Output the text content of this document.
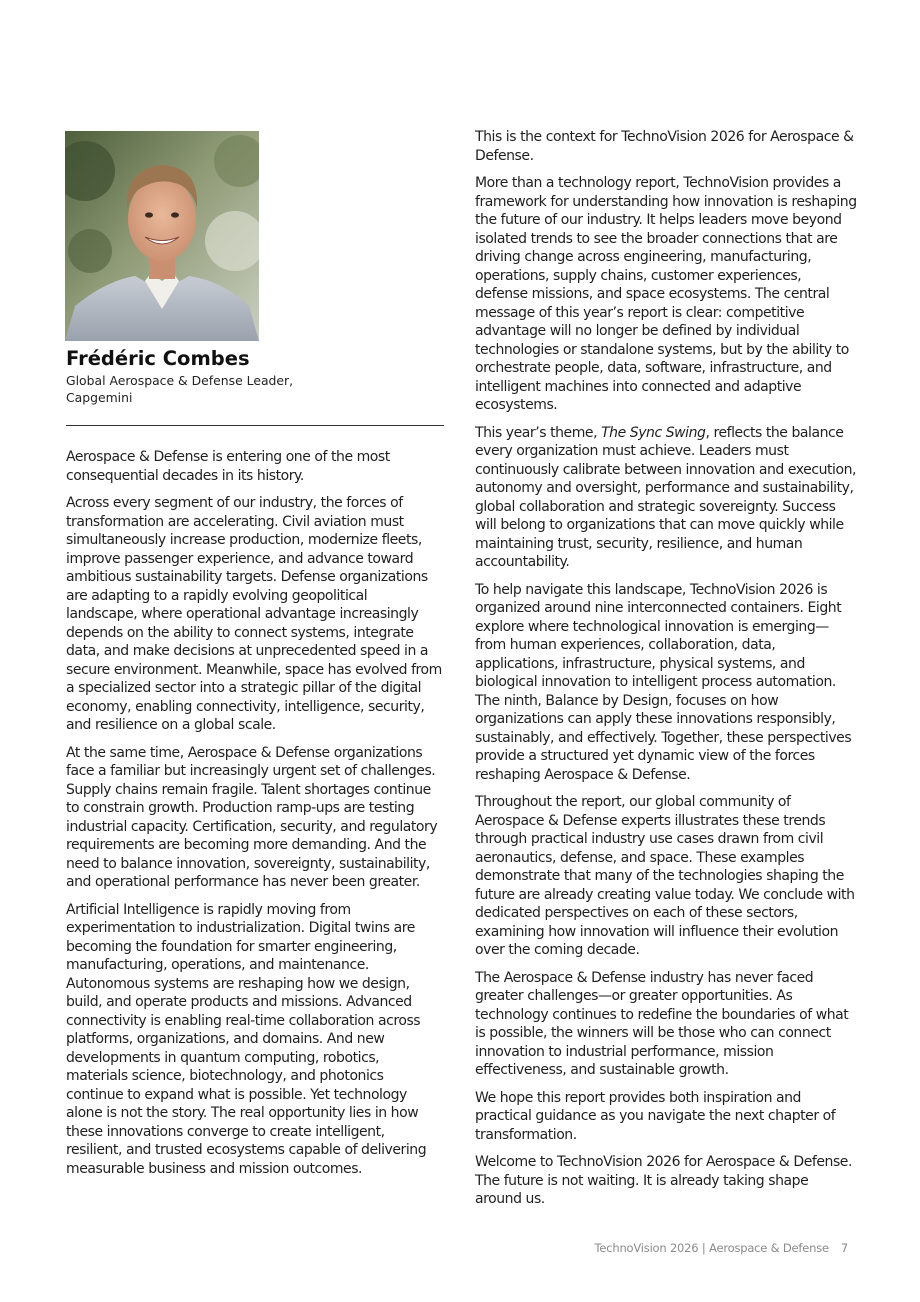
Frédéric Combes

Global Aerospace & Defense Leader,
Capgemini

Aerospace & Defense is entering one of the most consequential decades in its history.

Across every segment of our industry, the forces of transformation are accelerating. Civil aviation must simultaneously increase production, modernize fleets, improve passenger experience, and advance toward ambitious sustainability targets. Defense organizations are adapting to a rapidly evolving geopolitical landscape, where operational advantage increasingly depends on the ability to connect systems, integrate data, and make decisions at unprecedented speed in a secure environment. Meanwhile, space has evolved from a specialized sector into a strategic pillar of the digital economy, enabling connectivity, intelligence, security, and resilience on a global scale.

At the same time, Aerospace & Defense organizations face a familiar but increasingly urgent set of challenges. Supply chains remain fragile. Talent shortages continue to constrain growth. Production ramp-ups are testing industrial capacity. Certification, security, and regulatory requirements are becoming more demanding. And the need to balance innovation, sovereignty, sustainability, and operational performance has never been greater.

Artificial Intelligence is rapidly moving from experimentation to industrialization. Digital twins are becoming the foundation for smarter engineering, manufacturing, operations, and maintenance. Autonomous systems are reshaping how we design, build, and operate products and missions. Advanced connectivity is enabling real-time collaboration across platforms, organizations, and domains. And new developments in quantum computing, robotics, materials science, biotechnology, and photonics continue to expand what is possible. Yet technology alone is not the story. The real opportunity lies in how these innovations converge to create intelligent, resilient, and trusted ecosystems capable of delivering measurable business and mission outcomes.

This is the context for TechnoVision 2026 for Aerospace & Defense.

More than a technology report, TechnoVision provides a framework for understanding how innovation is reshaping the future of our industry. It helps leaders move beyond isolated trends to see the broader connections that are driving change across engineering, manufacturing, operations, supply chains, customer experiences, defense missions, and space ecosystems. The central message of this year’s report is clear: competitive advantage will no longer be defined by individual technologies or standalone systems, but by the ability to orchestrate people, data, software, infrastructure, and intelligent machines into connected and adaptive ecosystems.

This year’s theme, The Sync Swing, reflects the balance every organization must achieve. Leaders must continuously calibrate between innovation and execution, autonomy and oversight, performance and sustainability, global collaboration and strategic sovereignty. Success will belong to organizations that can move quickly while maintaining trust, security, resilience, and human accountability.

To help navigate this landscape, TechnoVision 2026 is organized around nine interconnected containers. Eight explore where technological innovation is emerging—from human experiences, collaboration, data, applications, infrastructure, physical systems, and biological innovation to intelligent process automation. The ninth, Balance by Design, focuses on how organizations can apply these innovations responsibly, sustainably, and effectively. Together, these perspectives provide a structured yet dynamic view of the forces reshaping Aerospace & Defense.

Throughout the report, our global community of Aerospace & Defense experts illustrates these trends through practical industry use cases drawn from civil aeronautics, defense, and space. These examples demonstrate that many of the technologies shaping the future are already creating value today. We conclude with dedicated perspectives on each of these sectors, examining how innovation will influence their evolution over the coming decade.

The Aerospace & Defense industry has never faced greater challenges—or greater opportunities. As technology continues to redefine the boundaries of what is possible, the winners will be those who can connect innovation to industrial performance, mission effectiveness, and sustainable growth.

We hope this report provides both inspiration and practical guidance as you navigate the next chapter of transformation.

Welcome to TechnoVision 2026 for Aerospace & Defense. The future is not waiting. It is already taking shape around us.

TechnoVision 2026 | Aerospace & Defense 7
